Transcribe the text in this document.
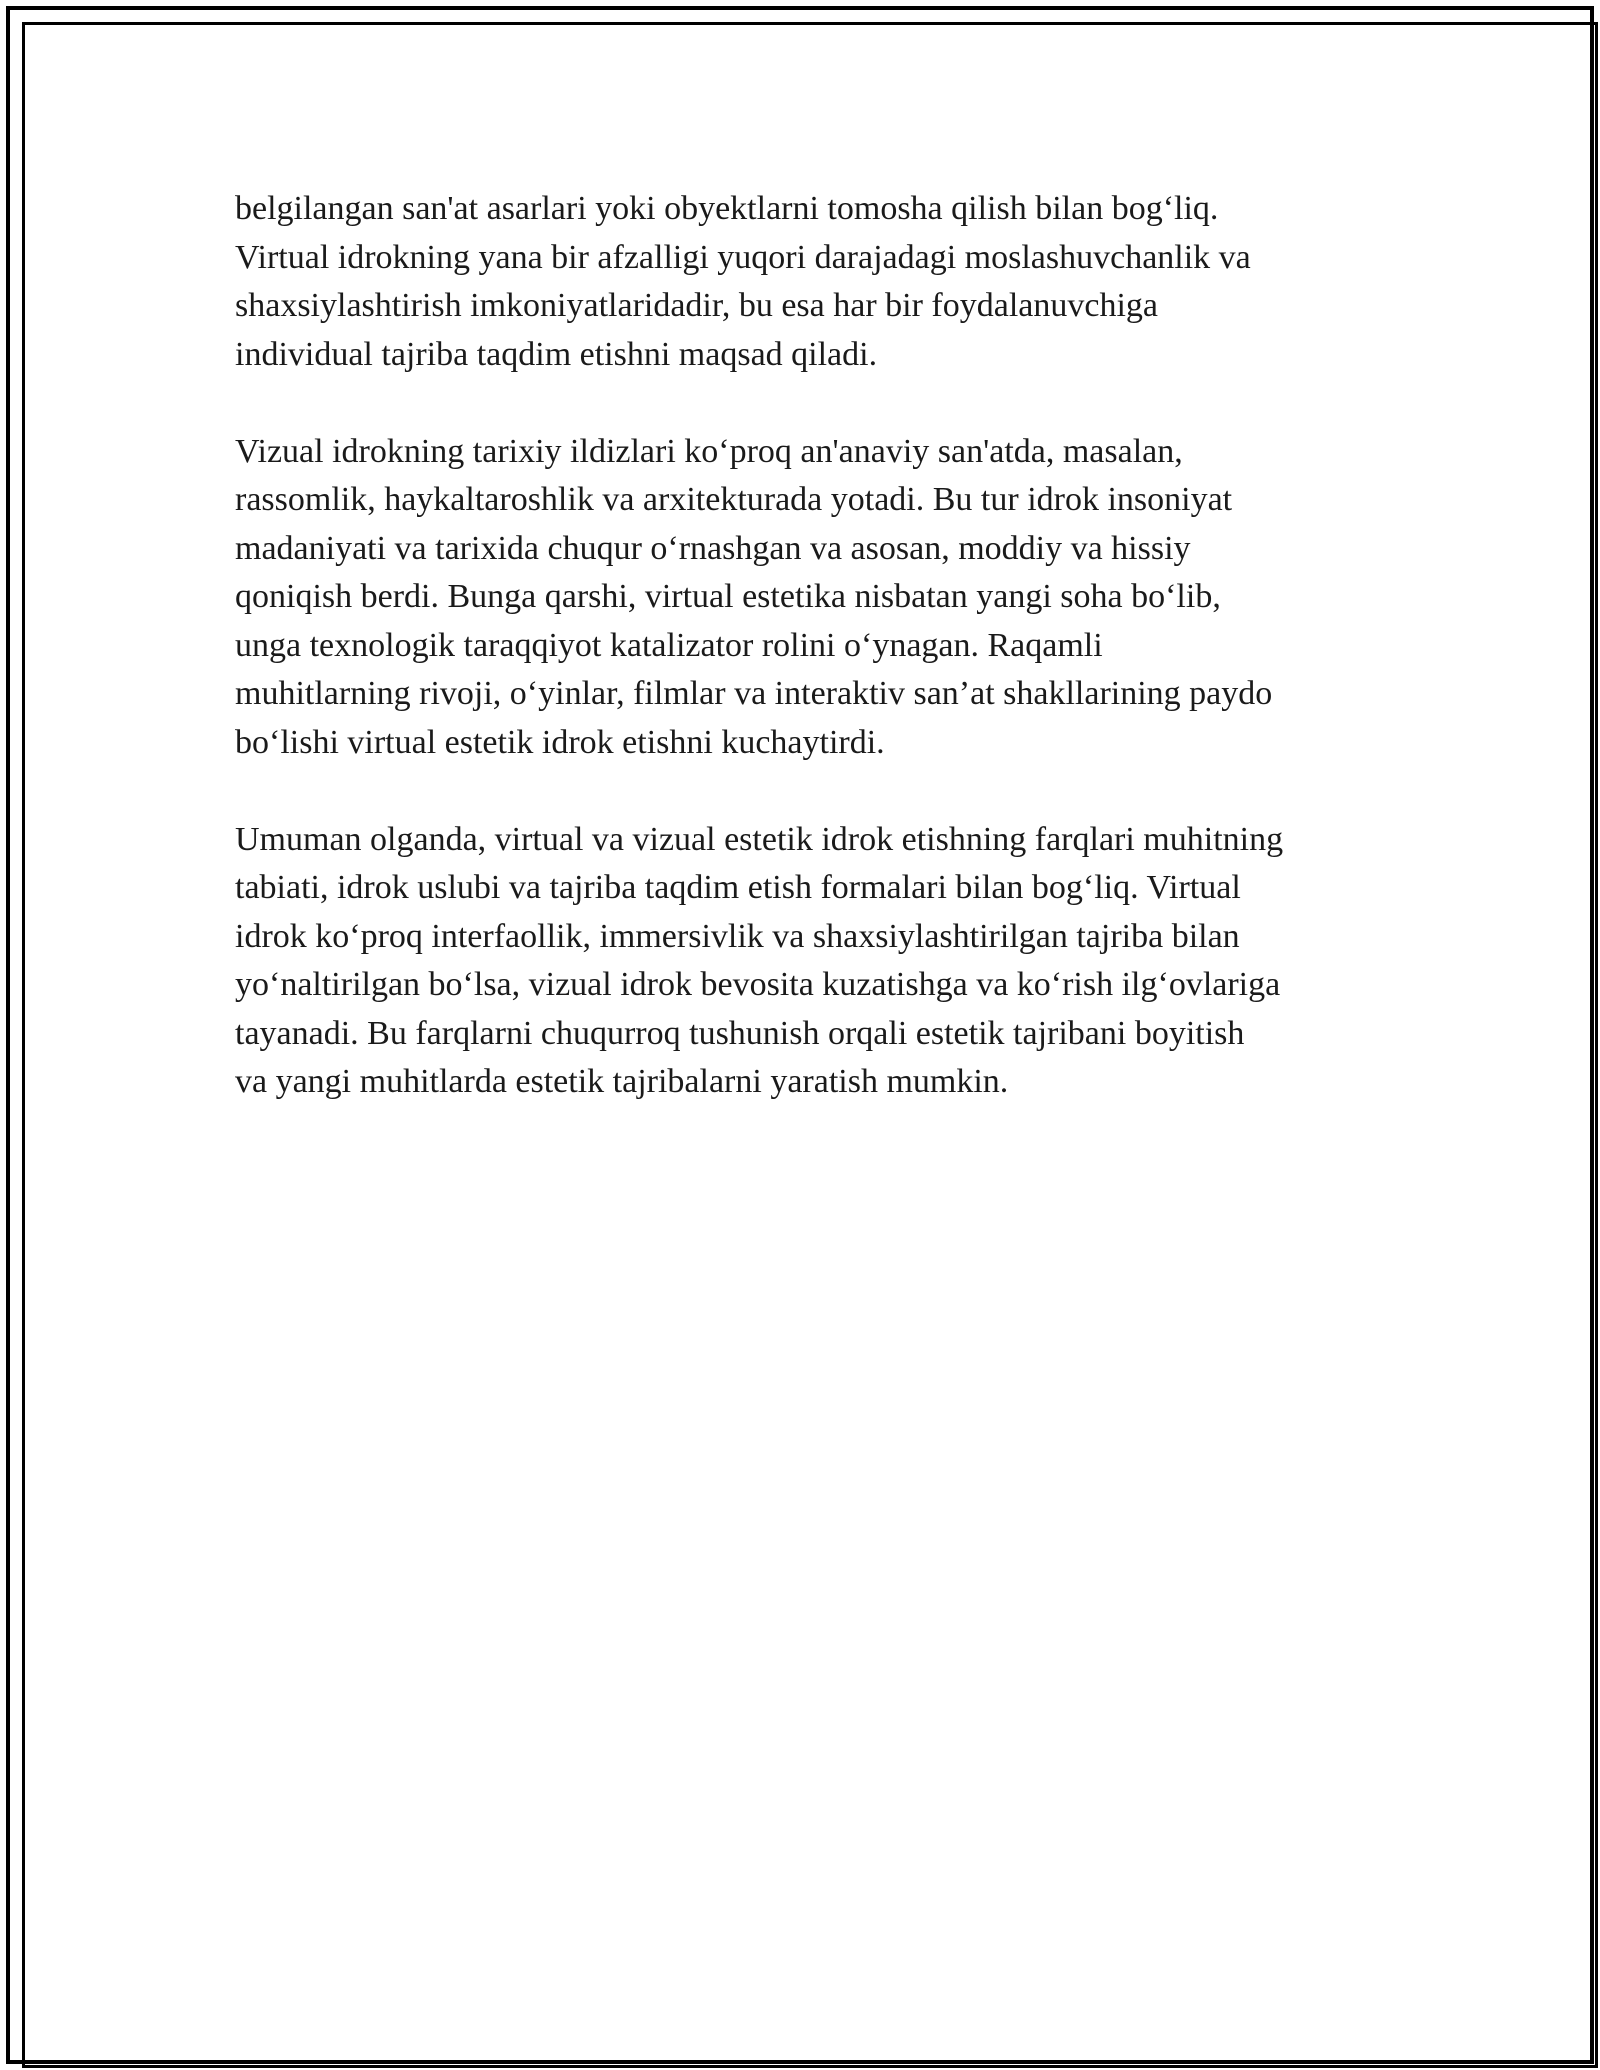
belgilangan san'at asarlari yoki obyektlarni tomosha qilish bilan bog‘liq.
Virtual idrokning yana bir afzalligi yuqori darajadagi moslashuvchanlik va
shaxsiylashtirish imkoniyatlaridadir, bu esa har bir foydalanuvchiga
individual tajriba taqdim etishni maqsad qiladi.

Vizual idrokning tarixiy ildizlari ko‘proq an'anaviy san'atda, masalan,
rassomlik, haykaltaroshlik va arxitekturada yotadi. Bu tur idrok insoniyat
madaniyati va tarixida chuqur o‘rnashgan va asosan, moddiy va hissiy
qoniqish berdi. Bunga qarshi, virtual estetika nisbatan yangi soha bo‘lib,
unga texnologik taraqqiyot katalizator rolini o‘ynagan. Raqamli
muhitlarning rivoji, o‘yinlar, filmlar va interaktiv san’at shakllarining paydo
bo‘lishi virtual estetik idrok etishni kuchaytirdi.

Umuman olganda, virtual va vizual estetik idrok etishning farqlari muhitning
tabiati, idrok uslubi va tajriba taqdim etish formalari bilan bog‘liq. Virtual
idrok ko‘proq interfaollik, immersivlik va shaxsiylashtirilgan tajriba bilan
yo‘naltirilgan bo‘lsa, vizual idrok bevosita kuzatishga va ko‘rish ilg‘ovlariga
tayanadi. Bu farqlarni chuqurroq tushunish orqali estetik tajribani boyitish
va yangi muhitlarda estetik tajribalarni yaratish mumkin.
